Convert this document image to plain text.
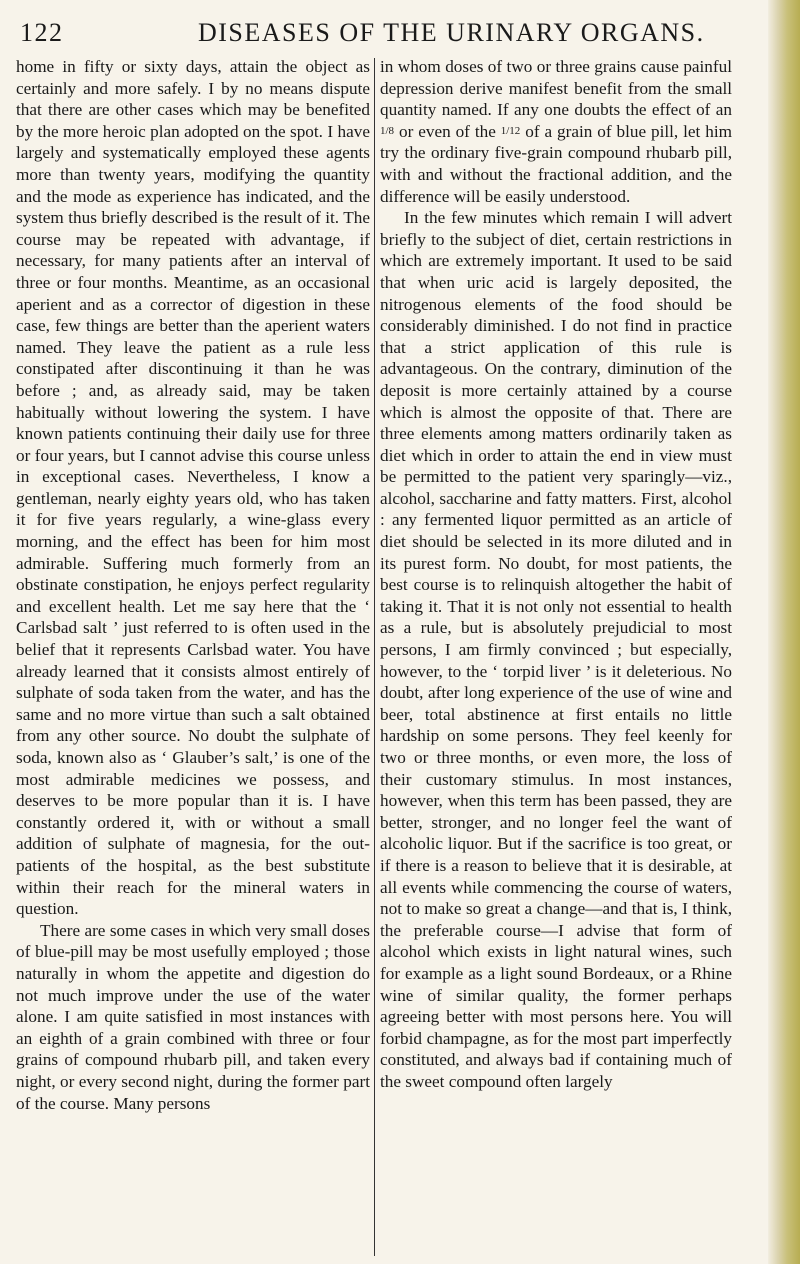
122	DISEASES OF THE URINARY ORGANS.

home in fifty or sixty days, attain the object as certainly and more safely. I by no means dispute that there are other cases which may be benefited by the more heroic plan adopted on the spot. I have largely and systematically employed these agents more than twenty years, modifying the quantity and the mode as experience has indicated, and the system thus briefly described is the result of it. The course may be repeated with advantage, if necessary, for many patients after an interval of three or four months. Meantime, as an occasional aperient and as a corrector of digestion in these case, few things are better than the aperient waters named. They leave the patient as a rule less constipated after discontinuing it than he was before ; and, as already said, may be taken habitually without lowering the system. I have known patients continuing their daily use for three or four years, but I cannot advise this course unless in exceptional cases. Nevertheless, I know a gentleman, nearly eighty years old, who has taken it for five years regularly, a wine-glass every morning, and the effect has been for him most admirable. Suffering much formerly from an obstinate constipation, he enjoys perfect regularity and excellent health. Let me say here that the ‘ Carlsbad salt ’ just referred to is often used in the belief that it represents Carlsbad water. You have already learned that it consists almost entirely of sulphate of soda taken from the water, and has the same and no more virtue than such a salt obtained from any other source. No doubt the sulphate of soda, known also as ‘ Glauber’s salt,’ is one of the most admirable medicines we possess, and deserves to be more popular than it is. I have constantly ordered it, with or without a small addition of sulphate of magnesia, for the out-patients of the hospital, as the best substitute within their reach for the mineral waters in question.

There are some cases in which very small doses of blue-pill may be most usefully employed ; those naturally in whom the appetite and digestion do not much improve under the use of the water alone. I am quite satisfied in most instances with an eighth of a grain combined with three or four grains of compound rhubarb pill, and taken every night, or every second night, during the former part of the course. Many persons

in whom doses of two or three grains cause painful depression derive manifest benefit from the small quantity named. If any one doubts the effect of an 1/8 or even of the 1/12 of a grain of blue pill, let him try the ordinary five-grain compound rhubarb pill, with and without the fractional addition, and the difference will be easily understood.

In the few minutes which remain I will advert briefly to the subject of diet, certain restrictions in which are extremely important. It used to be said that when uric acid is largely deposited, the nitrogenous elements of the food should be considerably diminished. I do not find in practice that a strict application of this rule is advantageous. On the contrary, diminution of the deposit is more certainly attained by a course which is almost the opposite of that. There are three elements among matters ordinarily taken as diet which in order to attain the end in view must be permitted to the patient very sparingly—viz., alcohol, saccharine and fatty matters. First, alcohol : any fermented liquor permitted as an article of diet should be selected in its more diluted and in its purest form. No doubt, for most patients, the best course is to relinquish altogether the habit of taking it. That it is not only not essential to health as a rule, but is absolutely prejudicial to most persons, I am firmly convinced ; but especially, however, to the ‘ torpid liver ’ is it deleterious. No doubt, after long experience of the use of wine and beer, total abstinence at first entails no little hardship on some persons. They feel keenly for two or three months, or even more, the loss of their customary stimulus. In most instances, however, when this term has been passed, they are better, stronger, and no longer feel the want of alcoholic liquor. But if the sacrifice is too great, or if there is a reason to believe that it is desirable, at all events while commencing the course of waters, not to make so great a change—and that is, I think, the preferable course—I advise that form of alcohol which exists in light natural wines, such for example as a light sound Bordeaux, or a Rhine wine of similar quality, the former perhaps agreeing better with most persons here. You will forbid champagne, as for the most part imperfectly constituted, and always bad if containing much of the sweet compound often largely
